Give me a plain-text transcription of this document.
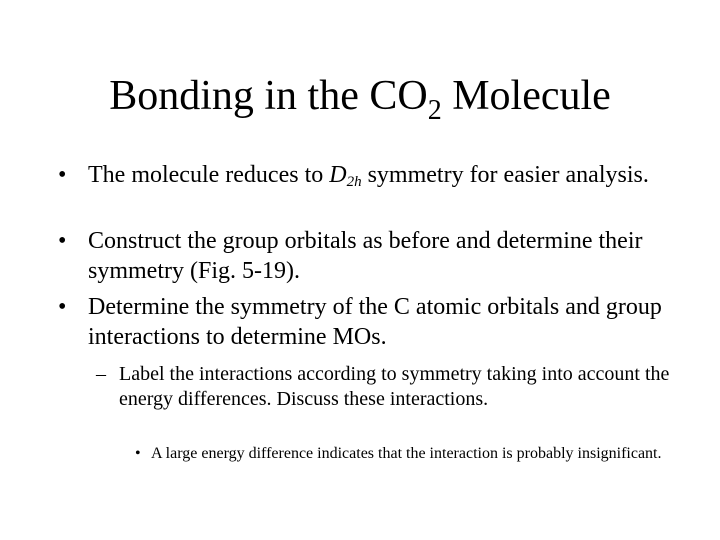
Bonding in the $CO_2$ Molecule
• The molecule reduces to $D_{2h}$ symmetry for easier analysis.
• Construct the group orbitals as before and determine their symmetry (Fig. 5-19).
• Determine the symmetry of the C atomic orbitals and group interactions to determine MOs.
– Label the interactions according to symmetry taking into account the energy differences. Discuss these interactions.
• A large energy difference indicates that the interaction is probably insignificant.
